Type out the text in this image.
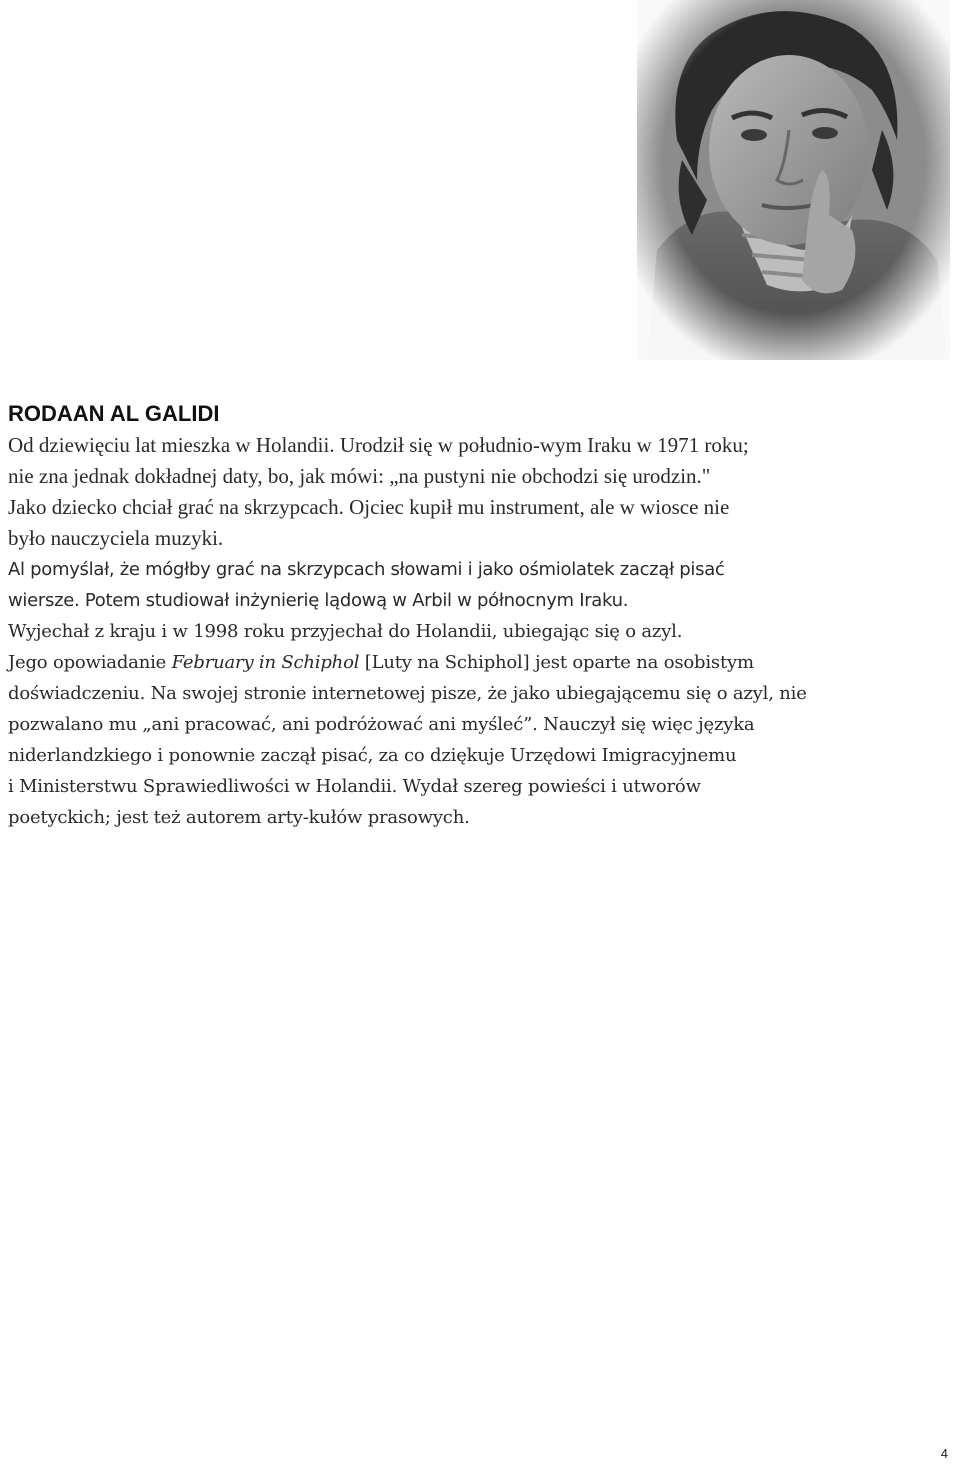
RODAAN AL GALIDI

Od dziewięciu lat mieszka w Holandii. Urodził się w południo-wym Iraku w 1971 roku;
nie zna jednak dokładnej daty, bo, jak mówi: „na pustyni nie obchodzi się urodzin."
Jako dziecko chciał grać na skrzypcach. Ojciec kupił mu instrument, ale w wiosce nie
było nauczyciela muzyki.
Al pomyślał, że mógłby grać na skrzypcach słowami i jako ośmiolatek zaczął pisać
wiersze. Potem studiował inżynierię lądową w Arbil w północnym Iraku.
Wyjechał z kraju i w 1998 roku przyjechał do Holandii, ubiegając się o azyl.
Jego opowiadanie February in Schiphol [Luty na Schiphol] jest oparte na osobistym
doświadczeniu. Na swojej stronie internetowej pisze, że jako ubiegającemu się o azyl, nie
pozwalano mu „ani pracować, ani podróżować ani myśleć”. Nauczył się więc języka
niderlandzkiego i ponownie zaczął pisać, za co dziękuje Urzędowi Imigracyjnemu
i Ministerstwu Sprawiedliwości w Holandii. Wydał szereg powieści i utworów
poetyckich; jest też autorem arty-kułów prasowych.

4
